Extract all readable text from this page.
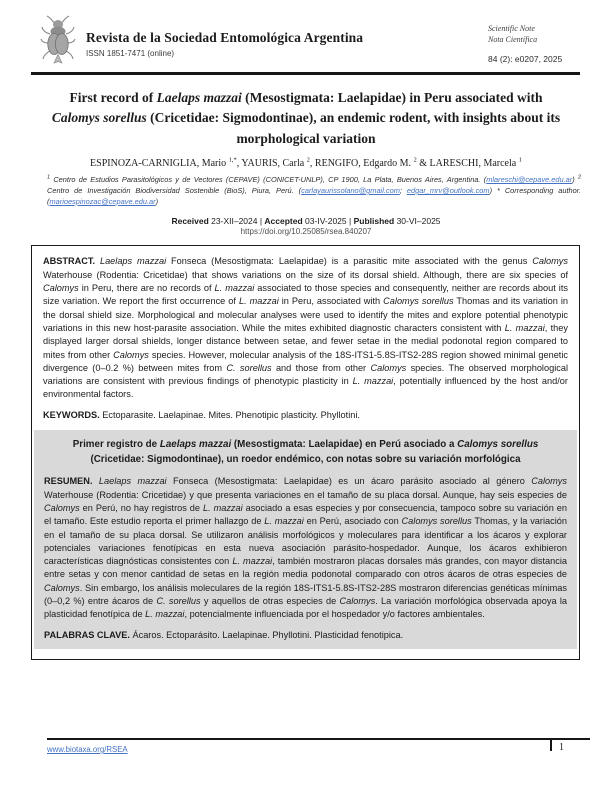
Revista de la Sociedad Entomológica Argentina
ISSN 1851-7471 (online)
Scientific Note
Nota Científica
84 (2): e0207, 2025
First record of Laelaps mazzai (Mesostigmata: Laelapidae) in Peru associated with Calomys sorellus (Cricetidae: Sigmodontinae), an endemic rodent, with insights about its morphological variation
ESPINOZA-CARNIGLIA, Mario $^{1,*}$, YAURIS, Carla $^2$, RENGIFO, Edgardo M. $^2$ & LARESCHI, Marcela $^1$
$^1$ Centro de Estudios Parasitológicos y de Vectores (CEPAVE) (CONICET-UNLP), CP 1900, La Plata, Buenos Aires, Argentina. (mlareschi@cepave.edu.ar) $^2$ Centro de Investigación Biodiversidad Sostenible (BioS), Piura, Perú. (carlayaurissolano@gmail.com; edgar_mrv@outlook.com) * Corresponding author. (marioespinozac@cepave.edu.ar)
Received 23-XII–2024 | Accepted 03-IV-2025 | Published 30-VI–2025
https://doi.org/10.25085/rsea.840207
ABSTRACT. Laelaps mazzai Fonseca (Mesostigmata: Laelapidae) is a parasitic mite associated with the genus Calomys Waterhouse (Rodentia: Cricetidae) that shows variations on the size of its dorsal shield. Although, there are six species of Calomys in Peru, there are no records of L. mazzai associated to those species and consequently, neither are records about its size variation. We report the first occurrence of L. mazzai in Peru, associated with Calomys sorellus Thomas and its variation in the dorsal shield size. Morphological and molecular analyses were used to identify the mites and explore potential phenotypic variations in this new host-parasite association. While the mites exhibited diagnostic characters consistent with L. mazzai, they displayed larger dorsal shields, longer distance between setae, and fewer setae in the medial podonotal region compared to mites from other Calomys species. However, molecular analysis of the 18S-ITS1-5.8S-ITS2-28S region showed minimal genetic divergence (0–0.2 %) between mites from C. sorellus and those from other Calomys species. The observed morphological variations are consistent with previous findings of phenotypic plasticity in L. mazzai, potentially influenced by the host and/or environmental factors.
KEYWORDS. Ectoparasite. Laelapinae. Mites. Phenotipic plasticity. Phyllotini.
Primer registro de Laelaps mazzai (Mesostigmata: Laelapidae) en Perú asociado a Calomys sorellus (Cricetidae: Sigmodontinae), un roedor endémico, con notas sobre su variación morfológica
RESUMEN. Laelaps mazzai Fonseca (Mesostigmata: Laelapidae) es un ácaro parásito asociado al género Calomys Waterhouse (Rodentia: Cricetidae) y que presenta variaciones en el tamaño de su placa dorsal. Aunque, hay seis especies de Calomys en Perú, no hay registros de L. mazzai asociado a esas especies y por consecuencia, tampoco sobre su variación en el tamaño. Este estudio reporta el primer hallazgo de L. mazzai en Perú, asociado con Calomys sorellus Thomas, y la variación en el tamaño de su placa dorsal. Se utilizaron análisis morfológicos y moleculares para identificar a los ácaros y explorar potenciales variaciones fenotípicas en esta nueva asociación parásito-hospedador. Aunque, los ácaros exhibieron características diagnósticas consistentes con L. mazzai, también mostraron placas dorsales más grandes, con mayor distancia entre setas y con menor cantidad de setas en la región media podonotal comparado con otros ácaros de otras especies de Calomys. Sin embargo, los análisis moleculares de la región 18S-ITS1-5.8S-ITS2-28S mostraron diferencias genéticas mínimas (0–0,2 %) entre ácaros de C. sorellus y aquellos de otras especies de Calomys. La variación morfológica observada apoya la plasticidad fenotípica de L. mazzai, potencialmente influenciada por el hospedador y/o factores ambientales.
PALABRAS CLAVE. Ácaros. Ectoparásito. Laelapinae. Phyllotini. Plasticidad fenotipica.
www.biotaxa.org/RSEA	1
